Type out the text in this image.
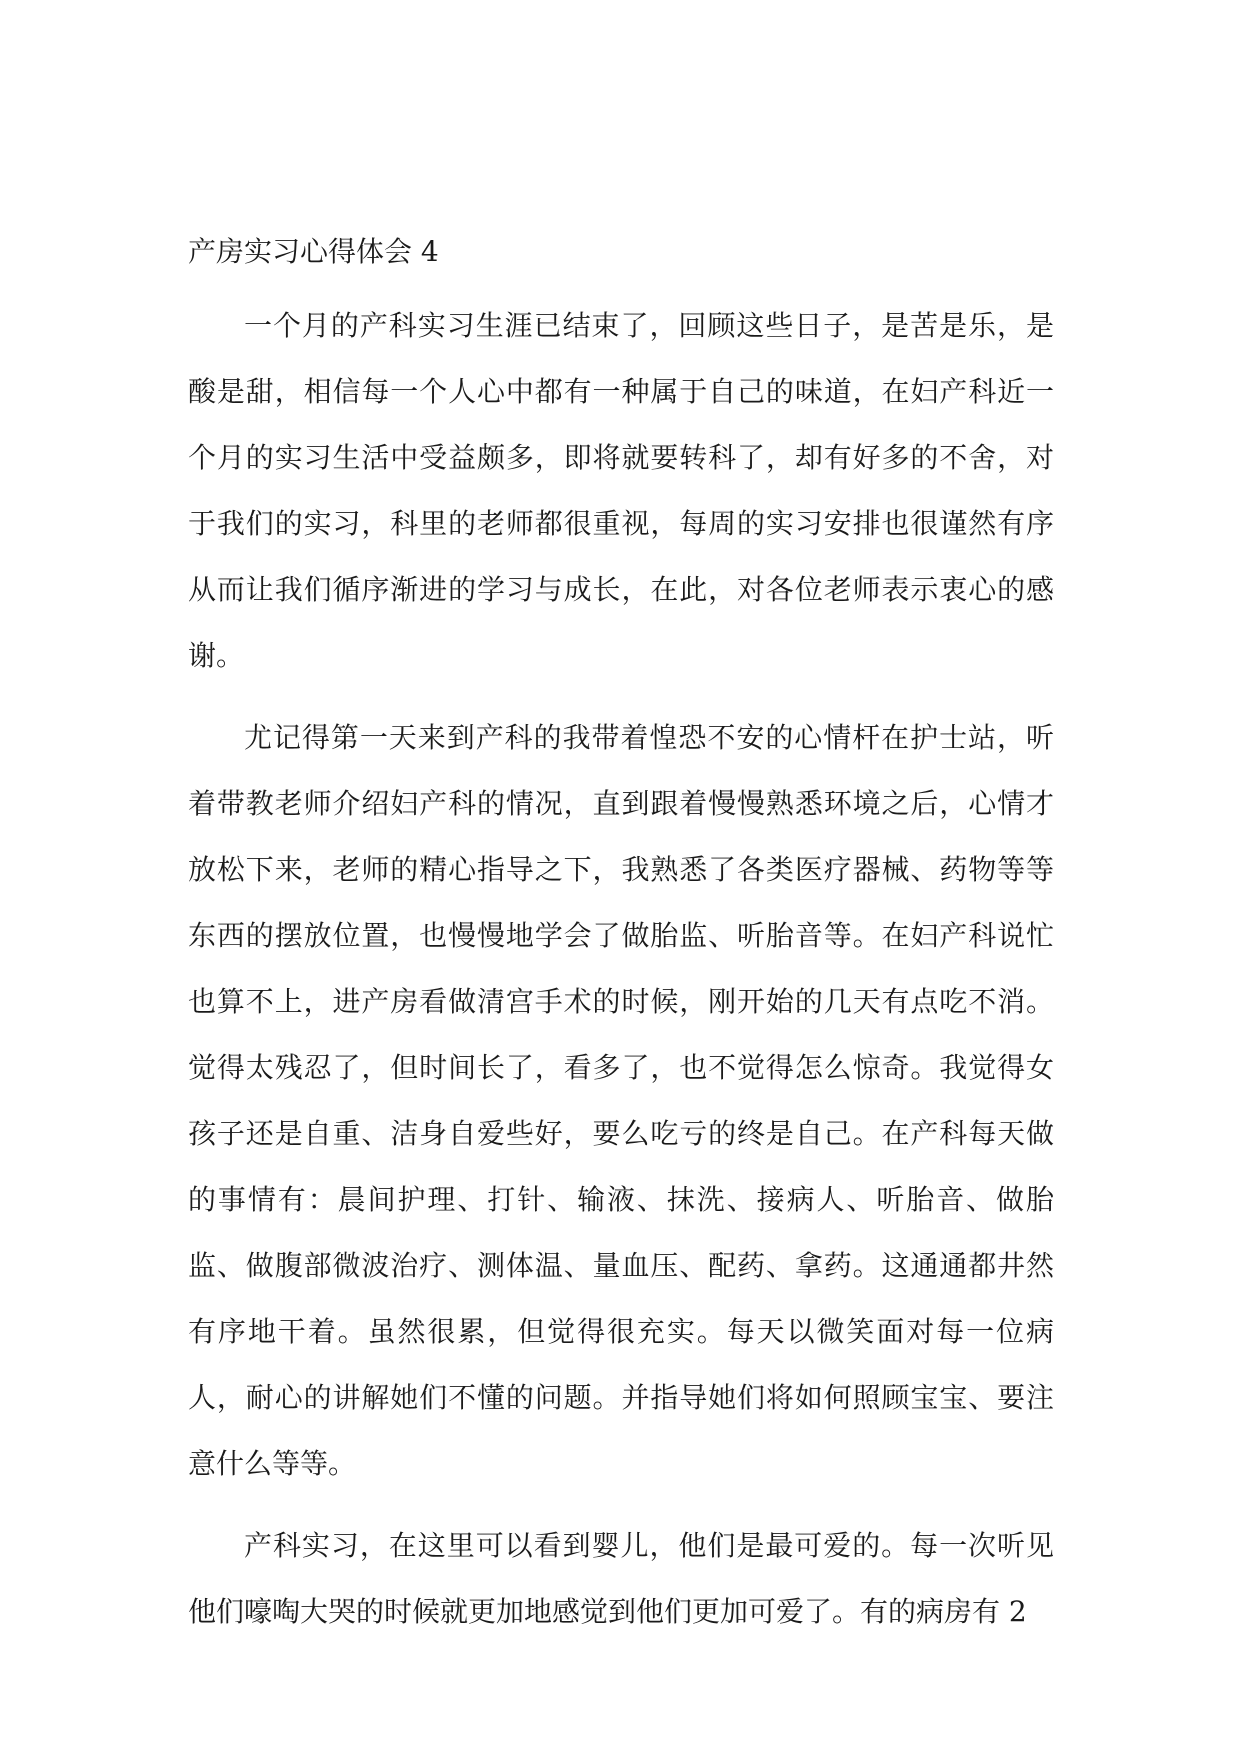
产房实习心得体会 4

一个月的产科实习生涯已结束了，回顾这些日子，是苦是乐，是酸是甜，相信每一个人心中都有一种属于自己的味道，在妇产科近一个月的实习生活中受益颇多，即将就要转科了，却有好多的不舍，对于我们的实习，科里的老师都很重视，每周的实习安排也很谨然有序从而让我们循序渐进的学习与成长，在此，对各位老师表示衷心的感谢。

尤记得第一天来到产科的我带着惶恐不安的心情杆在护士站，听着带教老师介绍妇产科的情况，直到跟着慢慢熟悉环境之后，心情才放松下来，老师的精心指导之下，我熟悉了各类医疗器械、药物等等东西的摆放位置，也慢慢地学会了做胎监、听胎音等。在妇产科说忙也算不上，进产房看做清宫手术的时候，刚开始的几天有点吃不消。觉得太残忍了，但时间长了，看多了，也不觉得怎么惊奇。我觉得女孩子还是自重、洁身自爱些好，要么吃亏的终是自己。在产科每天做的事情有：晨间护理、打针、输液、抹洗、接病人、听胎音、做胎监、做腹部微波治疗、测体温、量血压、配药、拿药。这通通都井然有序地干着。虽然很累，但觉得很充实。每天以微笑面对每一位病人，耐心的讲解她们不懂的问题。并指导她们将如何照顾宝宝、要注意什么等等。

产科实习，在这里可以看到婴儿，他们是最可爱的。每一次听见他们嚎啕大哭的时候就更加地感觉到他们更加可爱了。有的病房有 2
